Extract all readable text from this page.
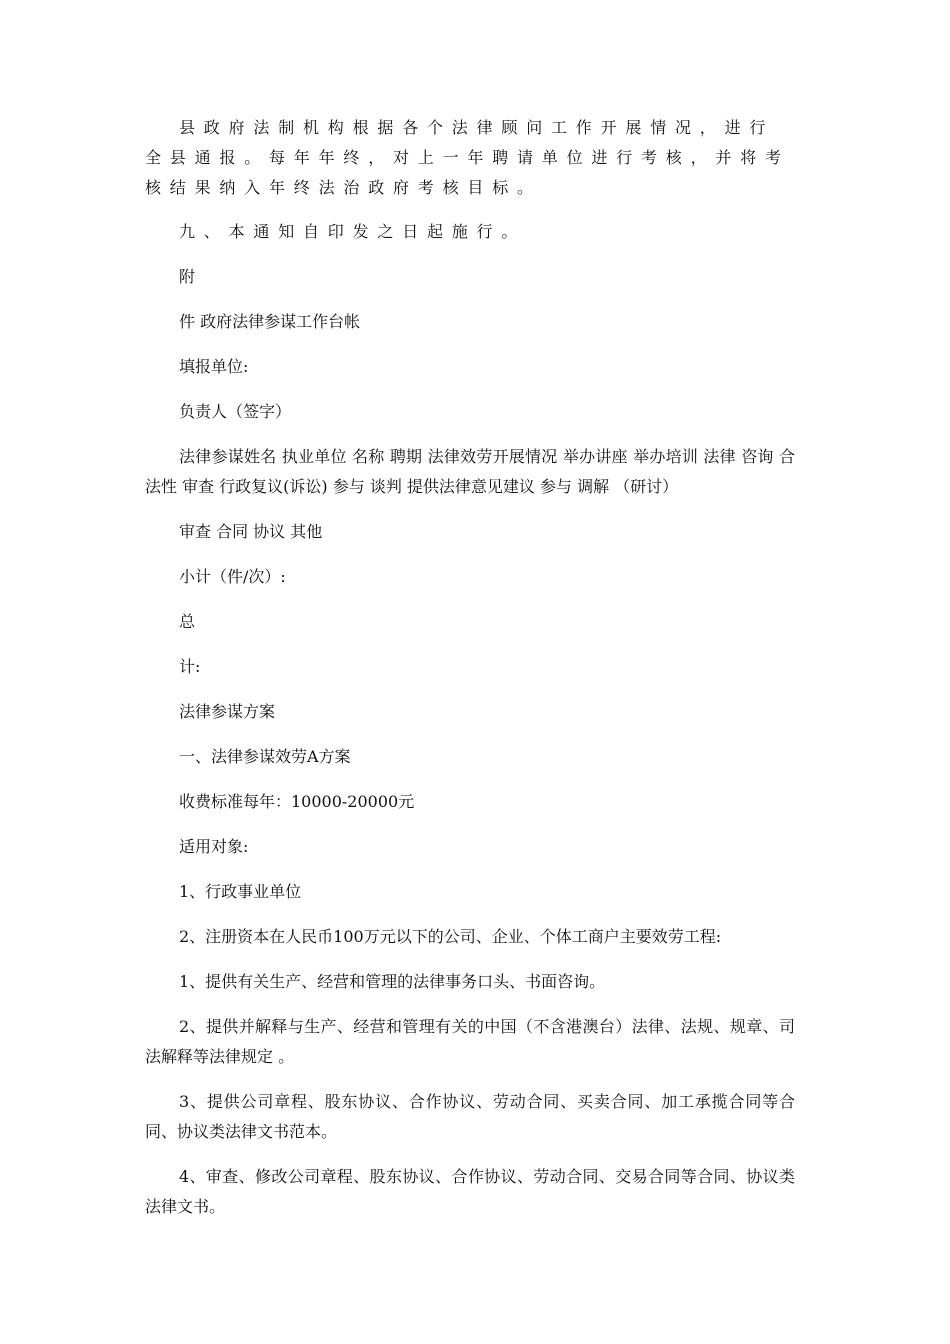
县政府法制机构根据各个法律顾问工作开展情况，进行全县通报。每年年终，对上一年聘请单位进行考核，并将考核结果纳入年终法治政府考核目标。

九、本通知自印发之日起施行。

附

件 政府法律参谋工作台帐

填报单位:

负责人（签字）

法律参谋姓名 执业单位 名称 聘期 法律效劳开展情况 举办讲座 举办培训 法律 咨询 合法性 审查 行政复议(诉讼) 参与 谈判 提供法律意见建议 参与 调解 （研讨）

审查 合同 协议 其他

小计（件/次）:

总

计:

法律参谋方案

一、法律参谋效劳A方案

收费标准每年：10000-20000元

适用对象:

1、行政事业单位

2、注册资本在人民币100万元以下的公司、企业、个体工商户主要效劳工程:

1、提供有关生产、经营和管理的法律事务口头、书面咨询。

2、提供并解释与生产、经营和管理有关的中国（不含港澳台）法律、法规、规章、司法解释等法律规定 。

3、提供公司章程、股东协议、合作协议、劳动合同、买卖合同、加工承揽合同等合同、协议类法律文书范本。

4、审查、修改公司章程、股东协议、合作协议、劳动合同、交易合同等合同、协议类法律文书。
